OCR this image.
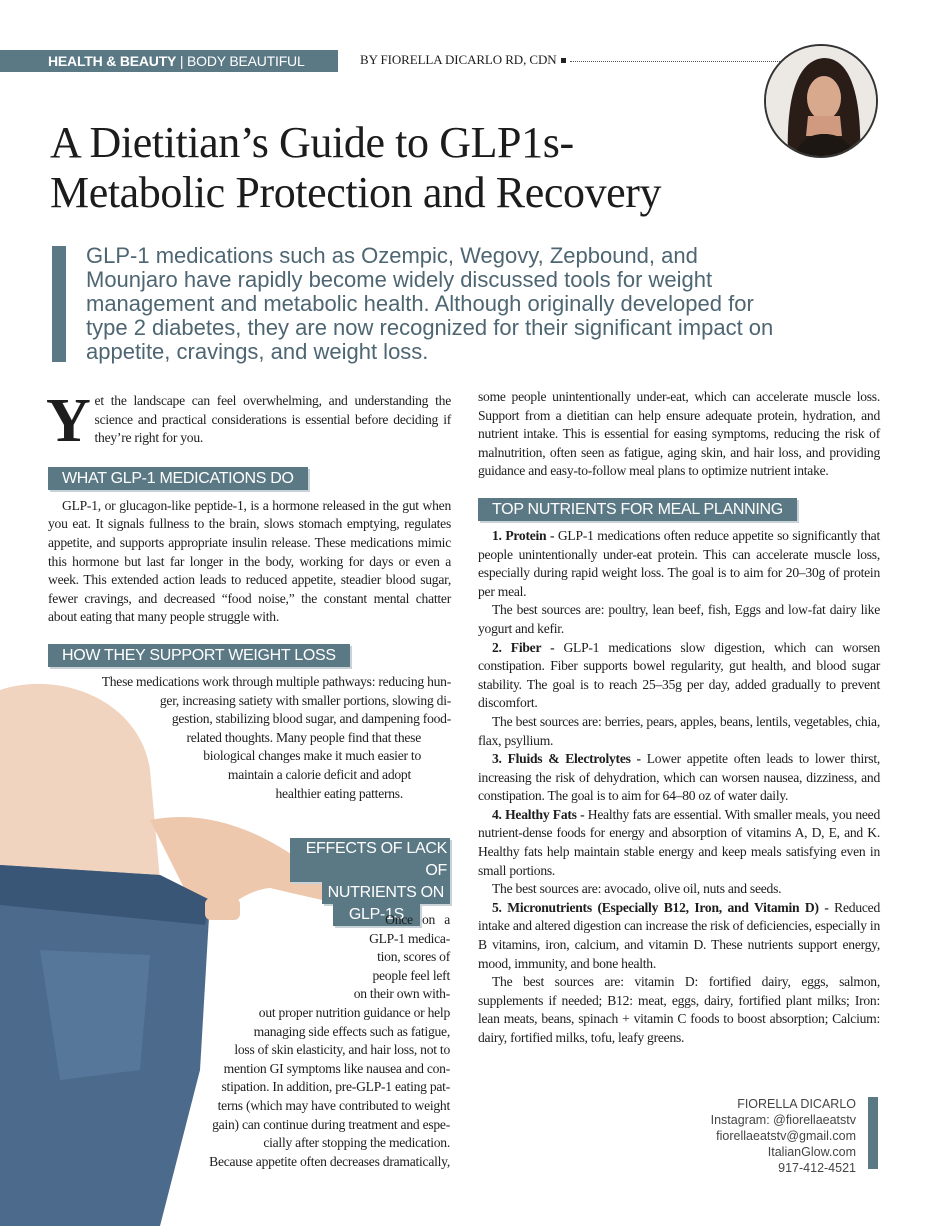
HEALTH & BEAUTY | BODY BEAUTIFUL	BY FIORELLA DICARLO RD, CDN
A Dietitian’s Guide to GLP1s-
Metabolic Protection and Recovery
GLP-1 medications such as Ozempic, Wegovy, Zepbound, and Mounjaro have rapidly become widely discussed tools for weight management and metabolic health. Although originally developed for type 2 diabetes, they are now recognized for their significant impact on appetite, cravings, and weight loss.

Yet the landscape can feel overwhelming, and understanding the science and practical considerations is essential before deciding if they’re right for you.

WHAT GLP-1 MEDICATIONS DO

GLP-1, or glucagon-like peptide-1, is a hormone released in the gut when you eat. It signals fullness to the brain, slows stomach emptying, regulates appetite, and supports appropriate insulin release. These medications mimic this hormone but last far longer in the body, working for days or even a week. This extended action leads to reduced appetite, steadier blood sugar, fewer cravings, and decreased “food noise,” the constant mental chatter about eating that many people struggle with.

HOW THEY SUPPORT WEIGHT LOSS
These medications work through multiple pathways: reducing hun-
ger, increasing satiety with smaller portions, slowing di-
gestion, stabilizing blood sugar, and dampening food-
related thoughts. Many people find that these
biological changes make it much easier to
maintain a calorie deficit and adopt
healthier eating patterns.
EFFECTS OF LACK OF
NUTRIENTS ON
GLP-1S
Once on a
GLP-1 medica-
tion, scores of
people feel left
on their own with-
out proper nutrition guidance or help
managing side effects such as fatigue,
loss of skin elasticity, and hair loss, not to
mention GI symptoms like nausea and con-
stipation. In addition, pre-GLP-1 eating pat-
terns (which may have contributed to weight
gain) can continue during treatment and espe-
cially after stopping the medication.
Because appetite often decreases dramatically,

some people unintentionally under-eat, which can accelerate muscle loss. Support from a dietitian can help ensure adequate protein, hydration, and nutrient intake. This is essential for easing symptoms, reducing the risk of malnutrition, often seen as fatigue, aging skin, and hair loss, and providing guidance and easy-to-follow meal plans to optimize nutrient intake.

TOP NUTRIENTS FOR MEAL PLANNING

1. Protein - GLP-1 medications often reduce appetite so significantly that people unintentionally under-eat protein. This can accelerate muscle loss, especially during rapid weight loss. The goal is to aim for 20–30g of protein per meal.

The best sources are: poultry, lean beef, fish, Eggs and low-fat dairy like yogurt and kefir.

2. Fiber - GLP-1 medications slow digestion, which can worsen constipation. Fiber supports bowel regularity, gut health, and blood sugar stability. The goal is to reach 25–35g per day, added gradually to prevent discomfort.

The best sources are: berries, pears, apples, beans, lentils, vegetables, chia, flax, psyllium.

3. Fluids & Electrolytes - Lower appetite often leads to lower thirst, increasing the risk of dehydration, which can worsen nausea, dizziness, and constipation. The goal is to aim for 64–80 oz of water daily.

4. Healthy Fats - Healthy fats are essential. With smaller meals, you need nutrient-dense foods for energy and absorption of vitamins A, D, E, and K. Healthy fats help maintain stable energy and keep meals satisfying even in small portions.

The best sources are: avocado, olive oil, nuts and seeds.

5. Micronutrients (Especially B12, Iron, and Vitamin D) - Reduced intake and altered digestion can increase the risk of deficiencies, especially in B vitamins, iron, calcium, and vitamin D. These nutrients support energy, mood, immunity, and bone health.

The best sources are: vitamin D: fortified dairy, eggs, salmon, supplements if needed; B12: meat, eggs, dairy, fortified plant milks; Iron: lean meats, beans, spinach + vitamin C foods to boost absorption; Calcium: dairy, fortified milks, tofu, leafy greens.

FIORELLA DICARLO
Instagram: @fiorellaeatstv
fiorellaeatstv@gmail.com
ItalianGlow.com
917-412-4521
